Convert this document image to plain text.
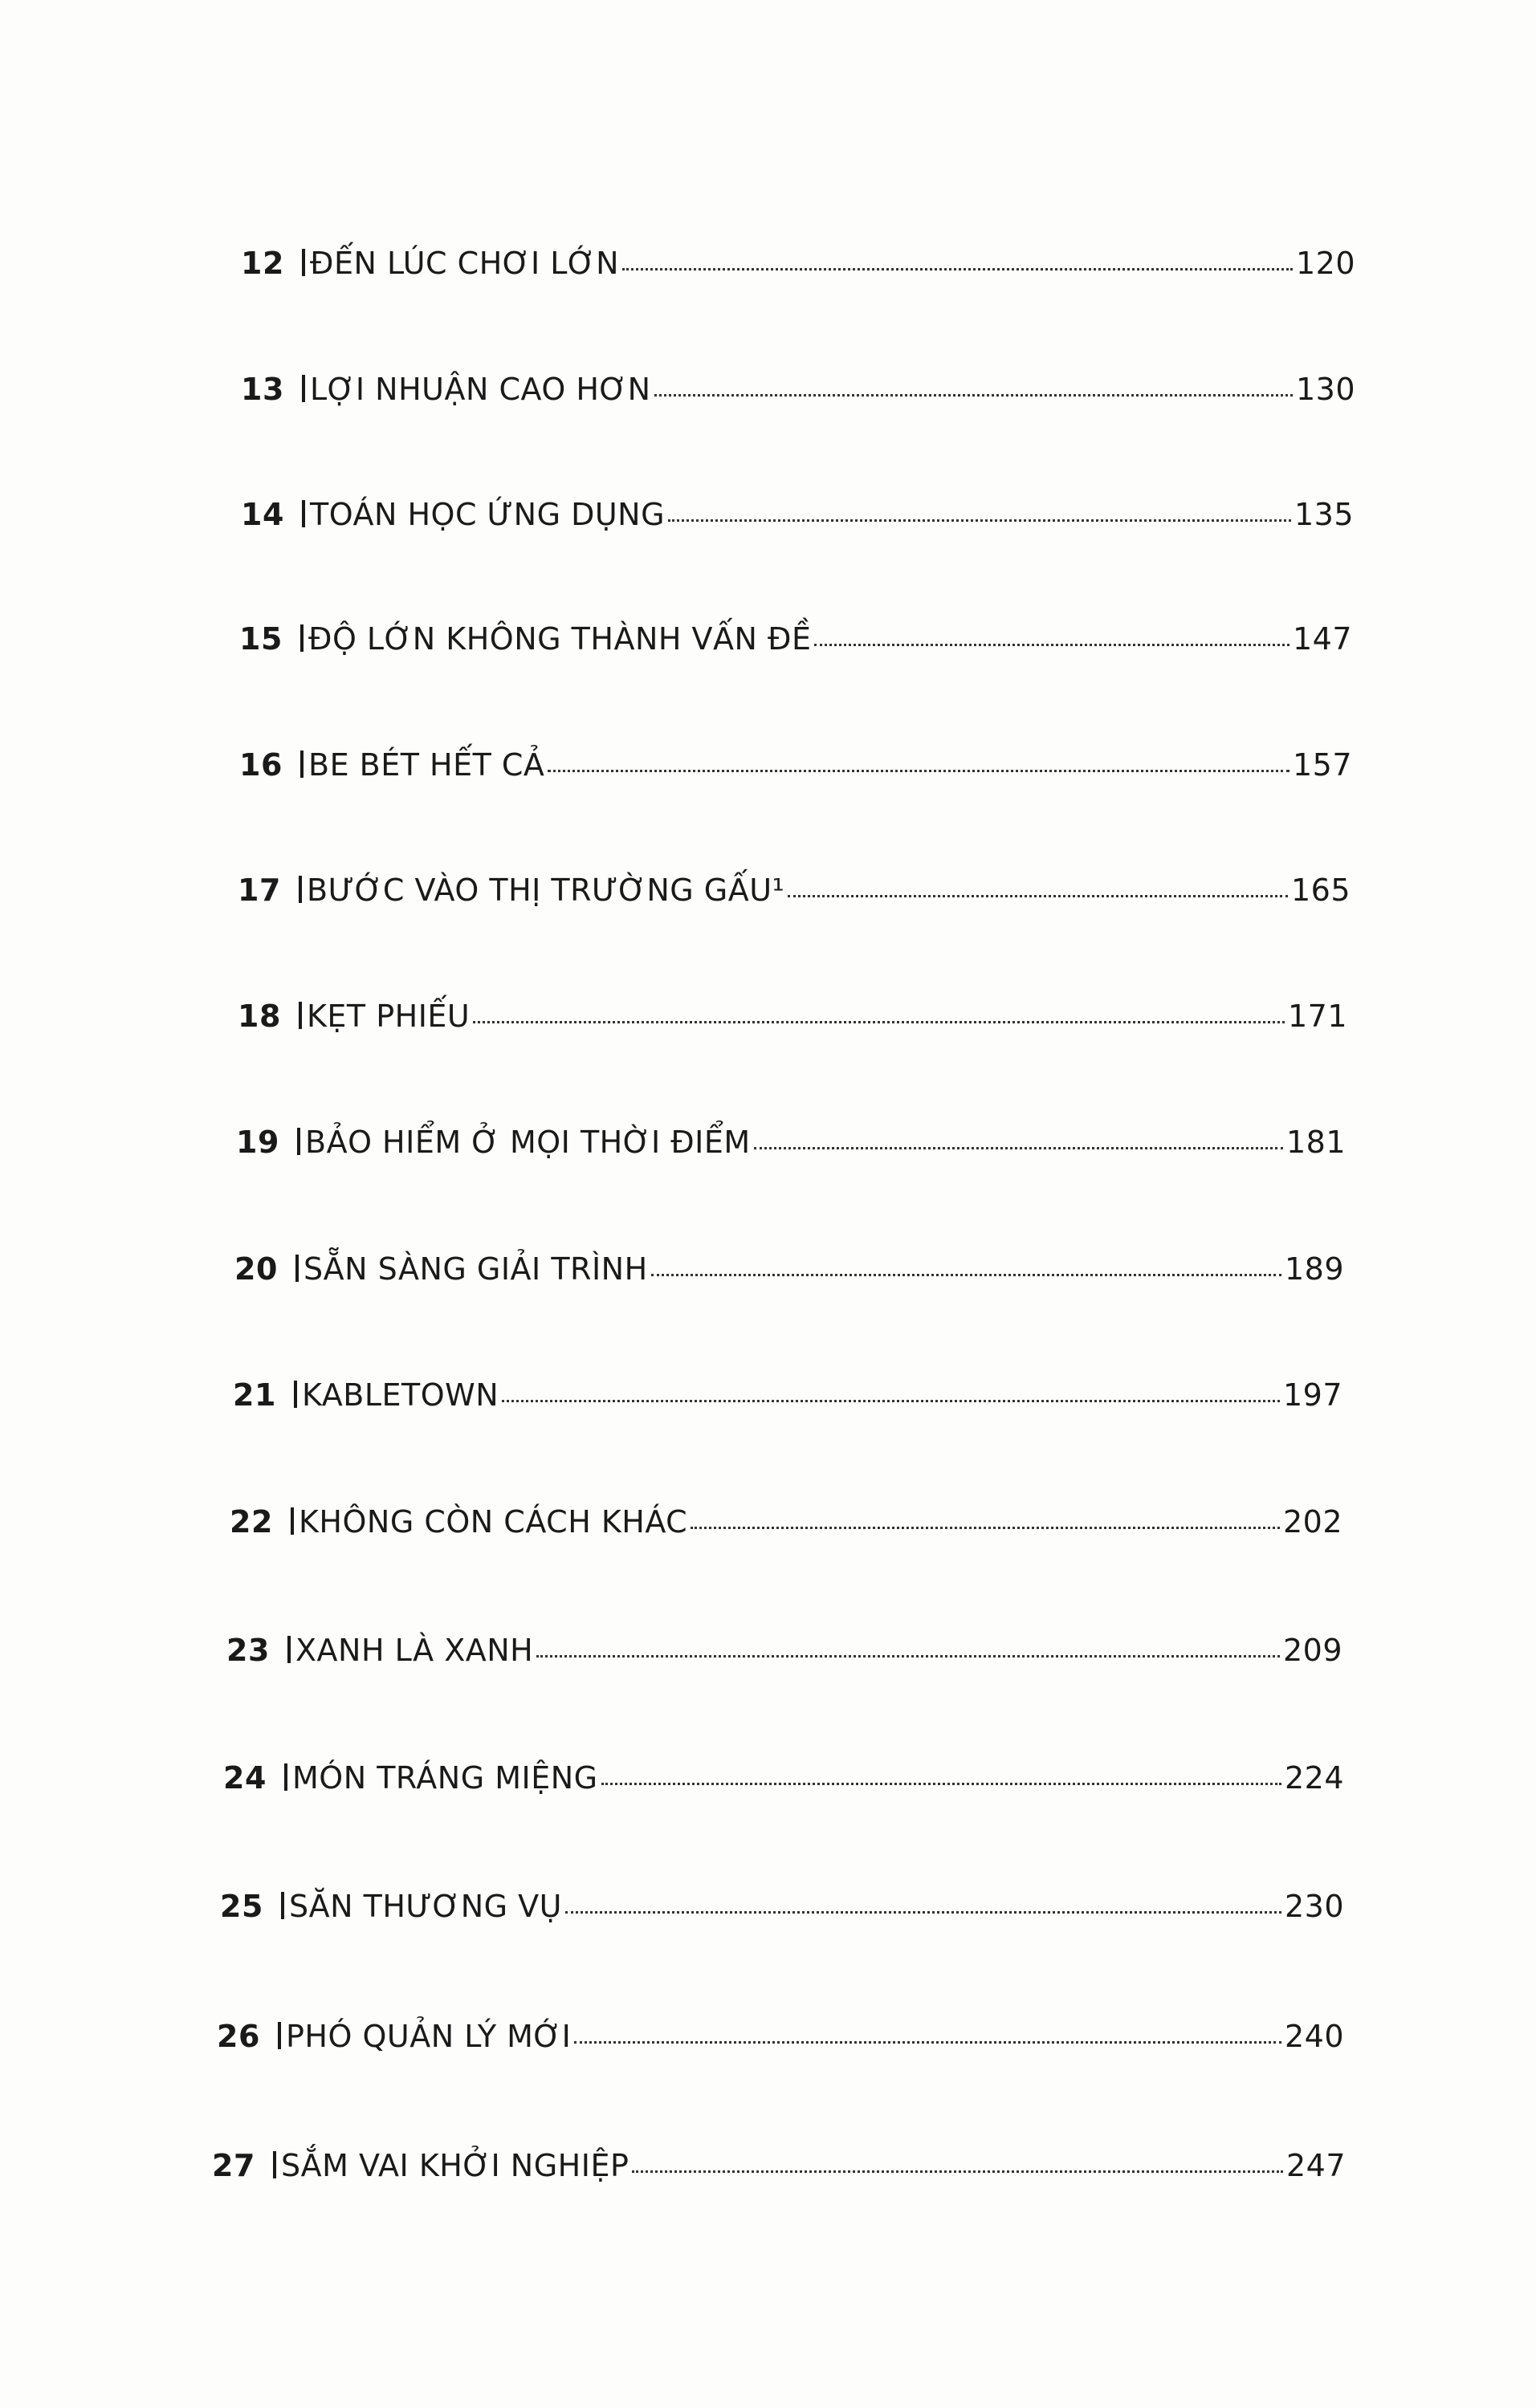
12 ĐẾN LÚC CHƠI LỚN	120
13 LỢI NHUẬN CAO HƠN	130
14 TOÁN HỌC ỨNG DỤNG	135
15 ĐỘ LỚN KHÔNG THÀNH VẤN ĐỀ	147
16 BE BÉT HẾT CẢ	157
17 BƯỚC VÀO THỊ TRƯỜNG GẤU¹	165
18 KẸT PHIẾU	171
19 BẢO HIỂM Ở MỌI THỜI ĐIỂM	181
20 SẴN SÀNG GIẢI TRÌNH	189
21 KABLETOWN	197
22 KHÔNG CÒN CÁCH KHÁC	202
23 XANH LÀ XANH	209
24 MÓN TRÁNG MIỆNG	224
25 SĂN THƯƠNG VỤ	230
26 PHÓ QUẢN LÝ MỚI	240
27 SẮM VAI KHỞI NGHIỆP	247
